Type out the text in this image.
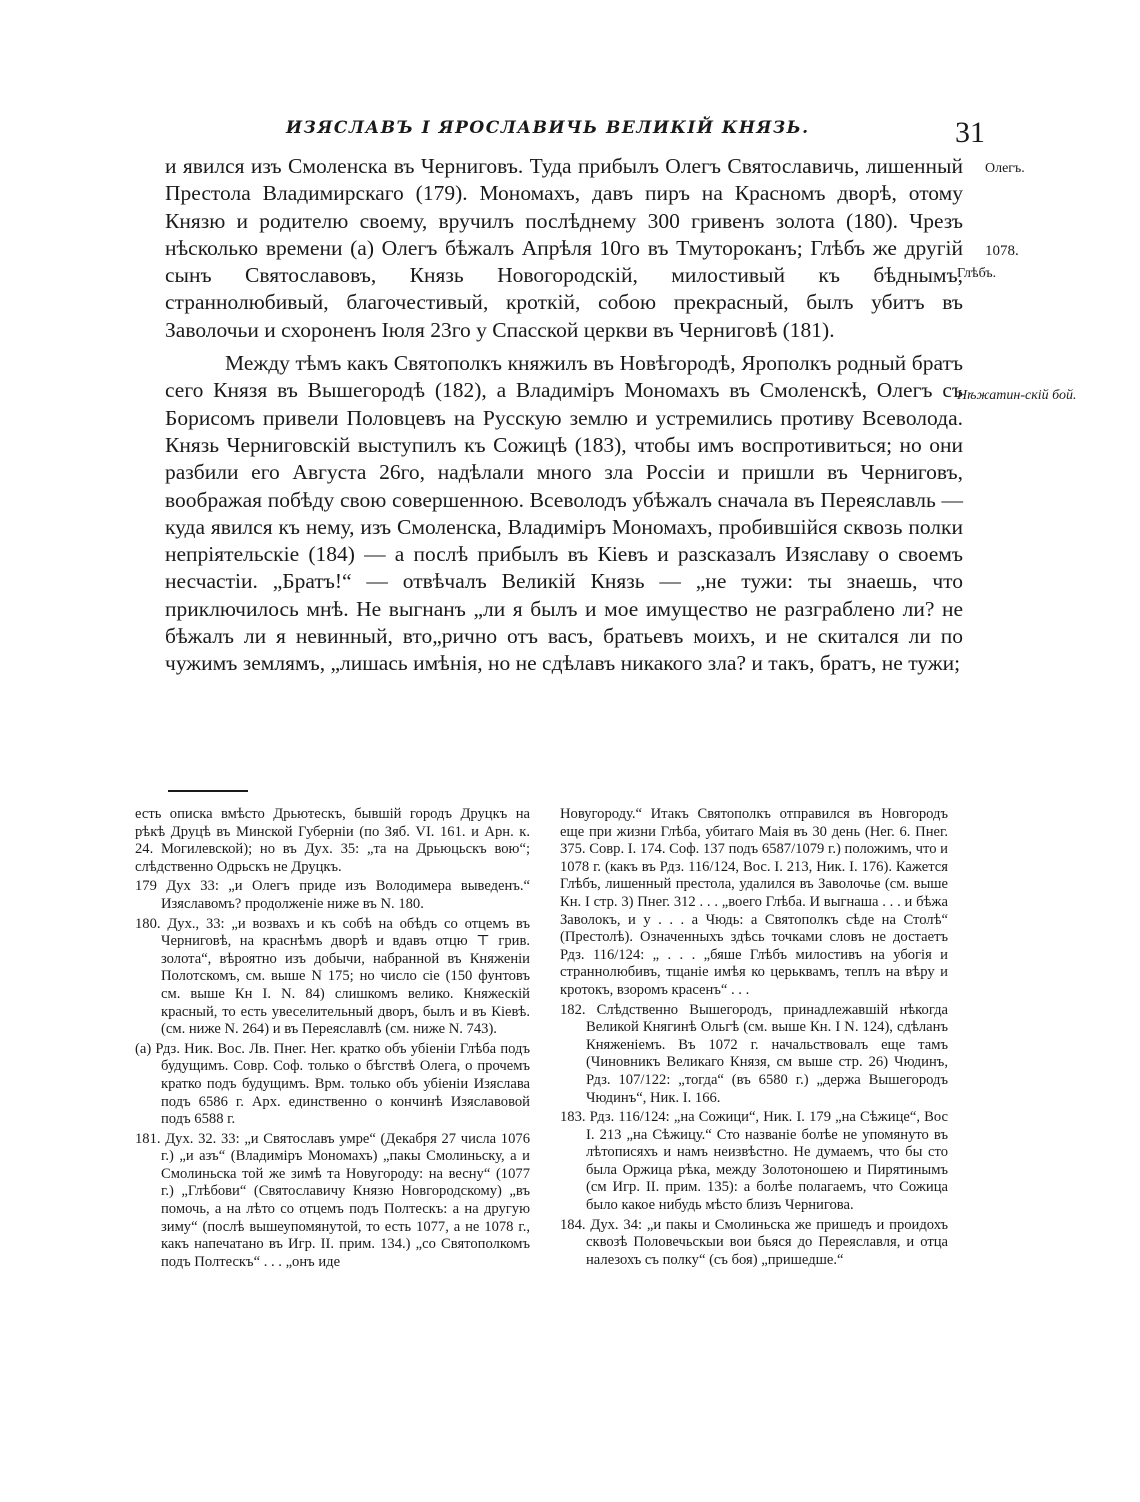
ИЗЯСЛАВЪ I ЯРОСЛАВИЧЬ ВЕЛИКIЙ КНЯЗЬ.	31

и явился изъ Смоленска въ Черниговъ. Туда прибылъ Олегъ Святославичь, лишенный Престола Владимирскаго (179). Мономахъ, давъ пиръ на Красномъ дворѣ, отому Князю и родителю своему, вручилъ послѣднему 300 гривенъ золота (180). Чрезъ нѣсколько времени (а) Олегъ бѣжалъ Апрѣля 10го въ Тмутороканъ; Глѣбъ же другiй сынъ Святославовъ, Князь Новогородскiй, милостивый къ бѣднымъ, страннолюбивый, благочестивый, кроткiй, собою прекрасный, былъ убитъ въ Заволочьи и схороненъ Iюля 23го у Спасской церкви въ Черниговѣ (181).

Между тѣмъ какъ Святополкъ княжилъ въ Новѣгородѣ, Ярополкъ родный братъ сего Князя въ Вышегородѣ (182), а Владимiръ Мономахъ въ Смоленскѣ, Олегъ съ Борисомъ привели Половцевъ на Русскую землю и устремились противу Всеволода. Князь Черниговскiй выступилъ къ Сожицѣ (183), чтобы имъ воспротивиться; но они разбили его Августа 26го, надѣлали много зла Россiи и пришли въ Черниговъ, воображая побѣду свою совершенною. Всеволодъ убѣжалъ сначала въ Переяславль — куда явился къ нему, изъ Смоленска, Владимiръ Мономахъ, пробившiйся сквозь полки непрiятельскiе (184) — а послѣ прибылъ въ Кiевъ и разсказалъ Изяславу о своемъ несчастiи. „Братъ!“ — отвѣчалъ Великiй Князь — „не тужи: ты знаешь, что приключилось мнѣ. Не выгнанъ „ли я былъ и мое имущество не разграблено ли? не бѣжалъ ли я невинный, вто„рично отъ васъ, братьевъ моихъ, и не скитался ли по чужимъ землямъ, „лишась имѣнiя, но не сдѣлавъ никакого зла? и такъ, братъ, не тужи;

Олегъ.
1078.
Глѣбъ.
Нѣжатин-скiй бой.

есть описка вмѣсто Дрьютескъ, бывшiй городъ Друцкъ на рѣкѣ Друцѣ въ Минской Губернiи (по Зяб. VI. 161. и Арн. к. 24. Могилевской); но въ Дух. 35: „та на Дрьюцьскъ вою“; слѣдственно Одрьскъ не Друцкъ.

179 Дух 33: „и Олегъ приде изъ Володимера выведенъ.“ Изяславомъ? продолженiе ниже въ N. 180.

180. Дух., 33: „и возвахъ и къ собѣ на обѣдъ со отцемъ въ Черниговѣ, на краснѣмъ дворѣ и вдавъ отцю ⊤ грив. золота“, вѣроятно изъ добычи, набранной въ Княженiи Полотскомъ, см. выше N 175; но число сiе (150 фунтовъ см. выше Кн I. N. 84) слишкомъ велико. Княжескiй красный, то есть увеселительный дворъ, былъ и въ Кiевѣ. (см. ниже N. 264) и въ Переяславлѣ (см. ниже N. 743).

(а) Рдз. Ник. Вос. Лв. Пнег. Нег. кратко объ убiенiи Глѣба подъ будущимъ. Совр. Соф. только о бѣгствѣ Олега, о прочемъ кратко подъ будущимъ. Врм. только объ убiенiи Изяслава подъ 6586 г. Арх. единственно о кончинѣ Изяславовой подъ 6588 г.

181. Дух. 32. 33: „и Святославъ умре“ (Декабря 27 числа 1076 г.) „и азъ“ (Владимiръ Мономахъ) „пакы Смолиньску, а и Смолиньска той же зимѣ та Новугороду: на весну“ (1077 г.) „Глѣбови“ (Святославичу Князю Новгородскому) „въ помочь, а на лѣто со отцемъ подъ Полтескъ: а на другую зиму“ (послѣ вышеупомянутой, то есть 1077, а не 1078 г., какъ напечатано въ Игр. II. прим. 134.) „со Святополкомъ подъ Полтескъ“ . . . „онъ иде

Новугороду.“ Итакъ Святополкъ отправился въ Новгородъ еще при жизни Глѣба, убитаго Маiя въ 30 день (Нег. 6. Пнег. 375. Совр. I. 174. Соф. 137 подъ 6587/1079 г.) положимъ, что и 1078 г. (какъ въ Рдз. 116/124, Вос. I. 213, Ник. I. 176). Кажется Глѣбъ, лишенный престола, удалился въ Заволочье (см. выше Кн. I стр. 3) Пнег. 312 . . . „воего Глѣба. И выгнаша . . . и бѣжа Заволокъ, и у . . . а Чюдь: а Святополкъ сѣде на Столѣ“ (Престолѣ). Означенныхъ здѣсь точками словъ не достаетъ Рдз. 116/124: „ . . . „бяше Глѣбъ милостивъ на убогiя и страннолюбивъ, тщанiе имѣя ко церьквамъ, теплъ на вѣру и кротокъ, взоромъ красенъ“ . . .

182. Слѣдственно Вышегородъ, принадлежавшiй нѣкогда Великой Княгинѣ Ольгѣ (см. выше Кн. I N. 124), сдѣланъ Княженiемъ. Въ 1072 г. начальствовалъ еще тамъ (Чиновникъ Великаго Князя, см выше стр. 26) Чюдинъ, Рдз. 107/122: „тогда“ (въ 6580 г.) „держа Вышегородъ Чюдинъ“, Ник. I. 166.

183. Рдз. 116/124: „на Сожици“, Ник. I. 179 „на Сѣжице“, Вос I. 213 „на Сѣжицу.“ Сто названiе болѣе не упомянуто въ лѣтописяхъ и намъ неизвѣстно. Не думаемъ, что бы сто была Оржица рѣка, между Золотоношею и Пирятинымъ (см Игр. II. прим. 135): а болѣе полагаемъ, что Сожица было какое нибудь мѣсто близъ Чернигова.

184. Дух. 34: „и пакы и Смолиньска же пришедъ и проидохъ сквозѣ Половечьскыи вои бьяся до Переяславля, и отца налезохъ съ полку“ (съ боя) „пришедше.“
